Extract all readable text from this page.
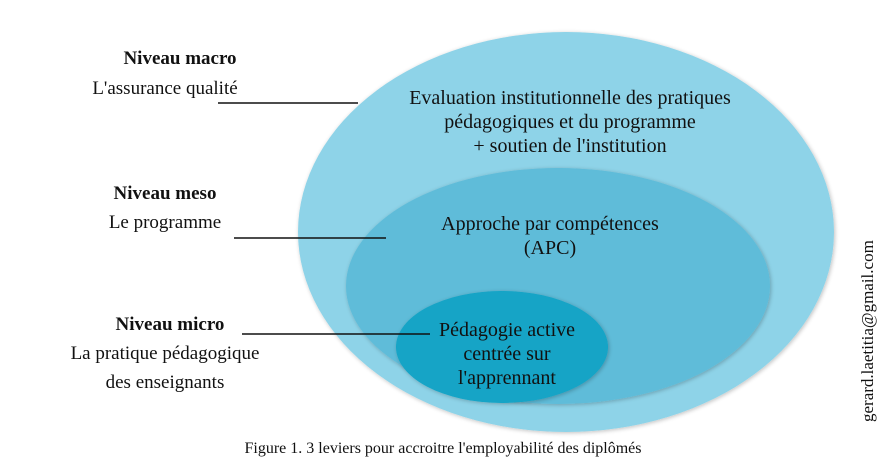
Niveau macro
L'assurance qualité
Niveau meso
Le programme
Niveau micro
La pratique pédagogique
des enseignants
Evaluation institutionnelle des pratiques
pédagogiques et du programme
+ soutien de l'institution
Approche par compétences
(APC)
Pédagogie active
centrée sur
l'apprennant
Figure 1. 3 leviers pour accroitre l'employabilité des diplômés
gerard.laetitia@gmail.com
